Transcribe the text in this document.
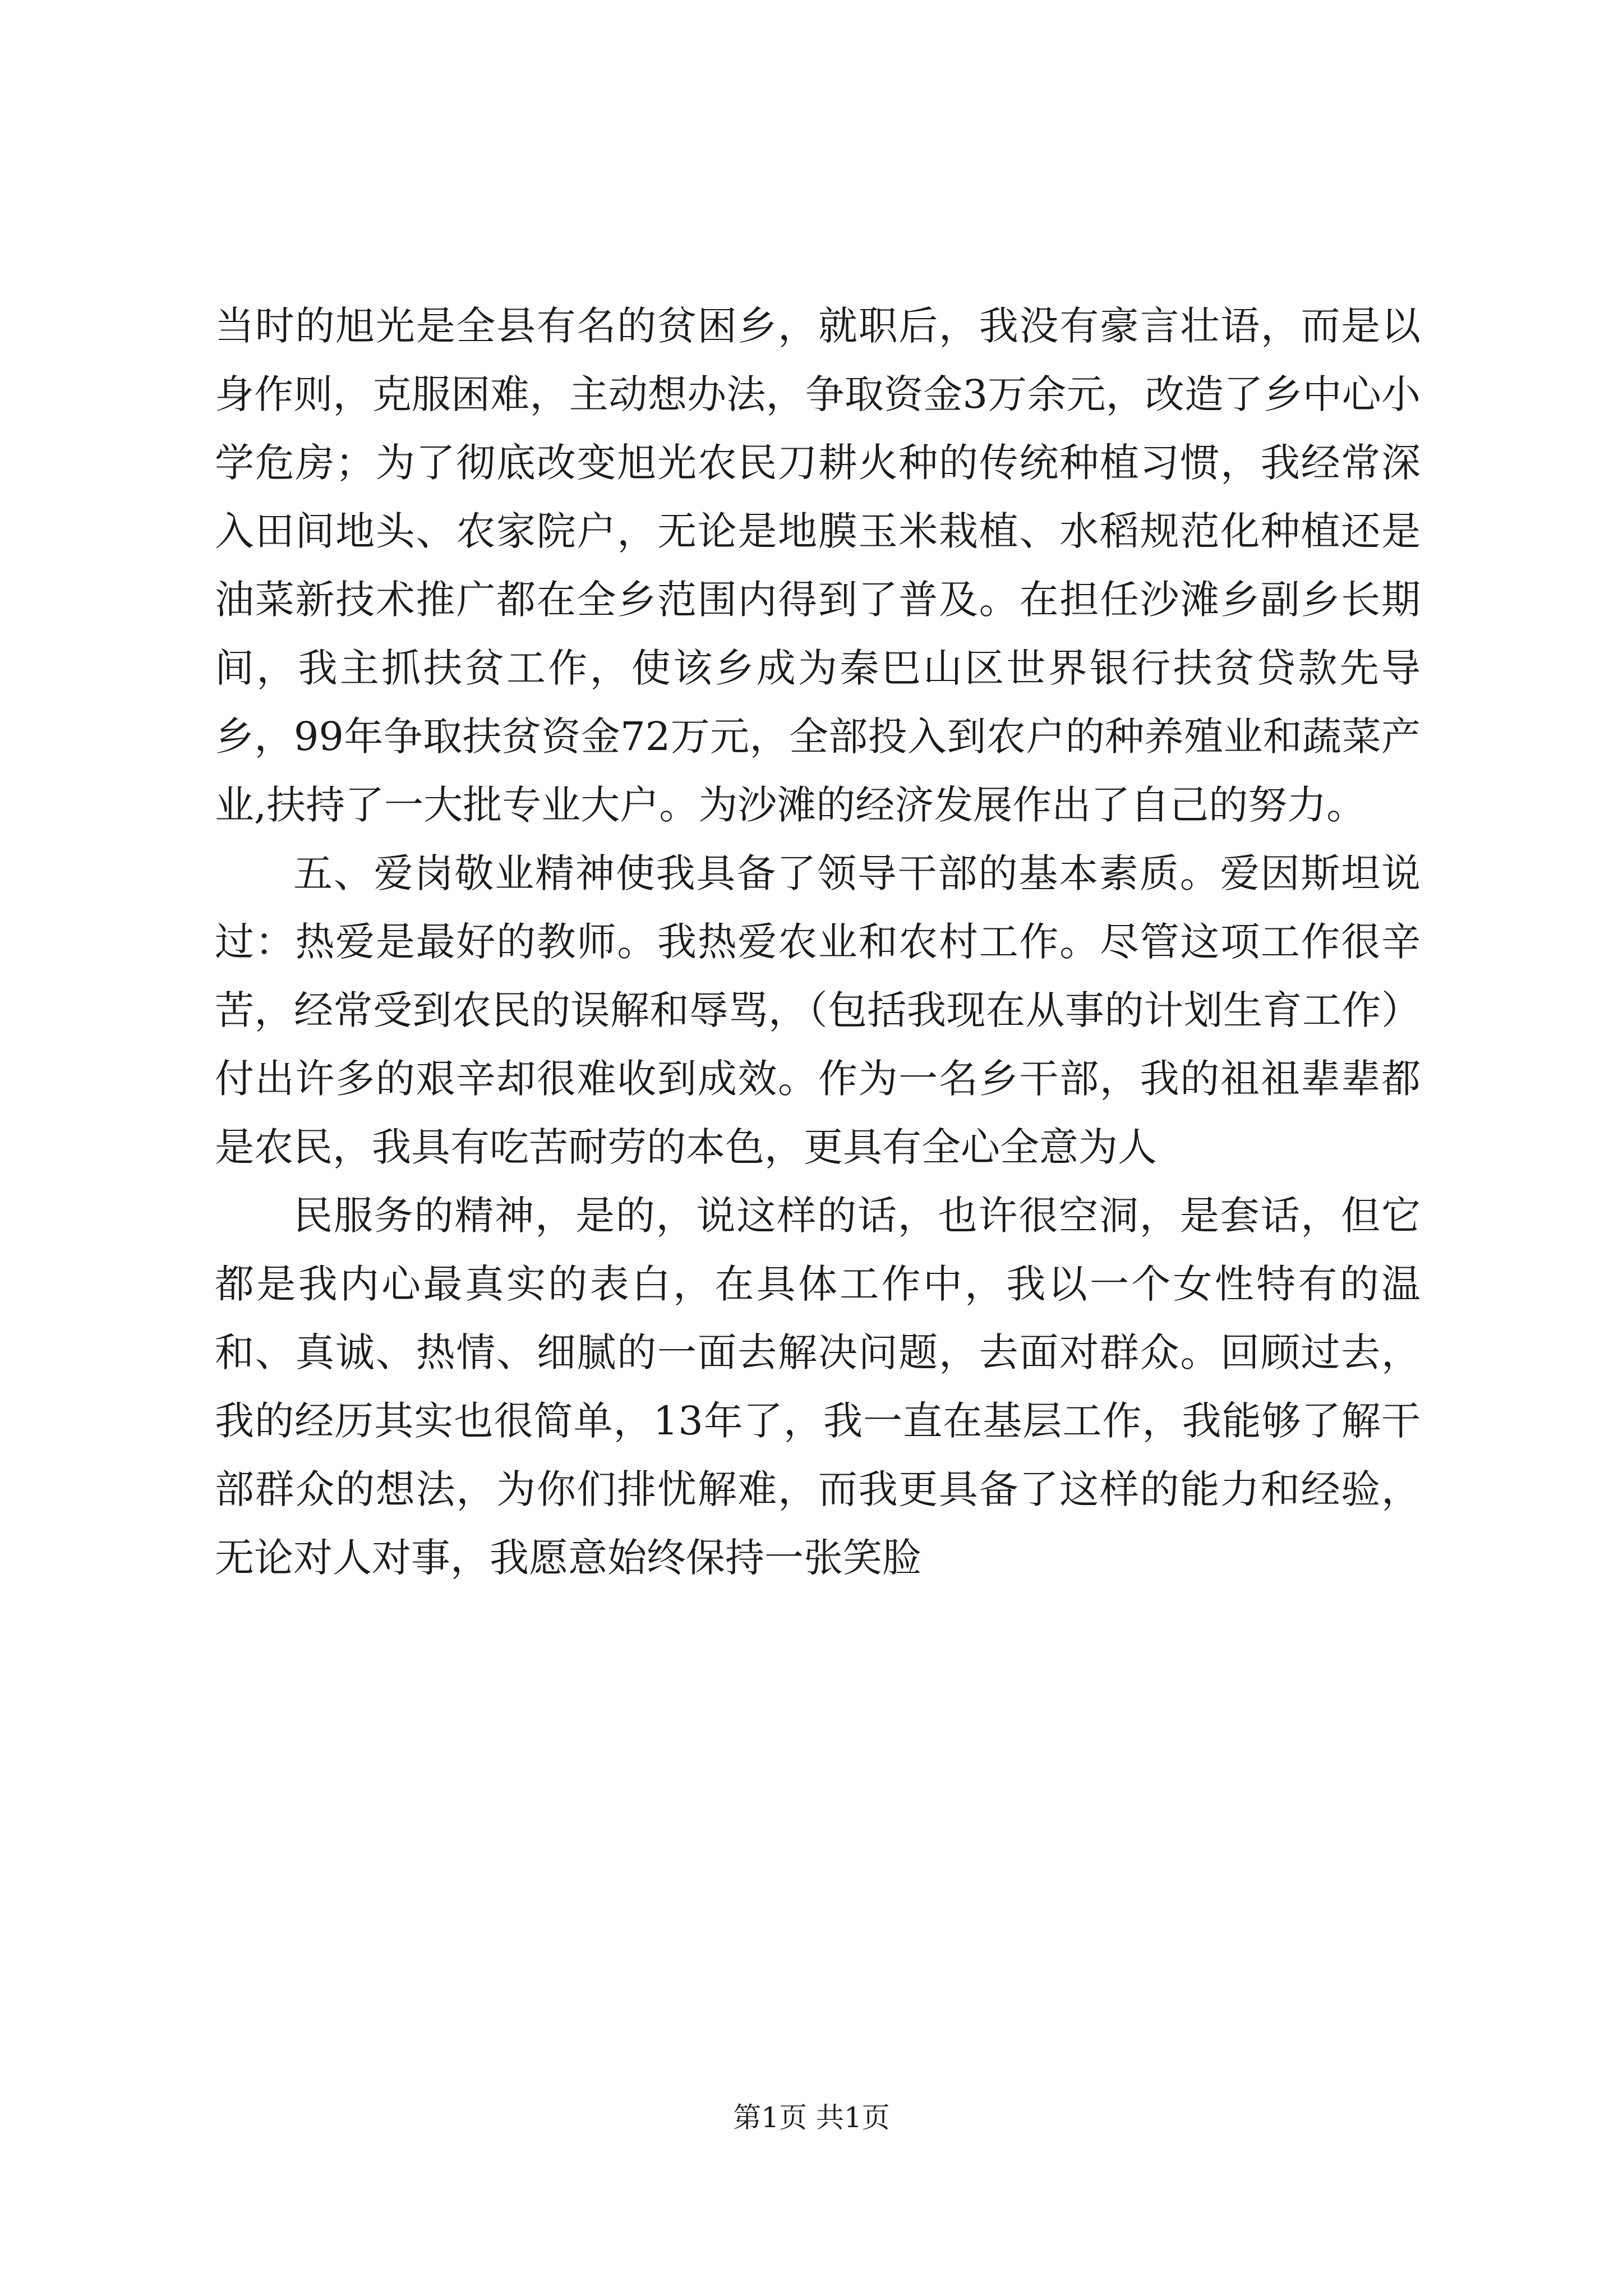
当时的旭光是全县有名的贫困乡，就职后，我没有豪言壮语，而是以身作则，克服困难，主动想办法，争取资金3万余元，改造了乡中心小学危房；为了彻底改变旭光农民刀耕火种的传统种植习惯，我经常深入田间地头、农家院户，无论是地膜玉米栽植、水稻规范化种植还是油菜新技术推广都在全乡范围内得到了普及。在担任沙滩乡副乡长期间，我主抓扶贫工作，使该乡成为秦巴山区世界银行扶贫贷款先导乡，99年争取扶贫资金72万元，全部投入到农户的种养殖业和蔬菜产业,扶持了一大批专业大户。为沙滩的经济发展作出了自己的努力。

五、爱岗敬业精神使我具备了领导干部的基本素质。爱因斯坦说过：热爱是最好的教师。我热爱农业和农村工作。尽管这项工作很辛苦，经常受到农民的误解和辱骂，（包括我现在从事的计划生育工作）付出许多的艰辛却很难收到成效。作为一名乡干部，我的祖祖辈辈都是农民，我具有吃苦耐劳的本色，更具有全心全意为人

民服务的精神，是的，说这样的话，也许很空洞，是套话，但它都是我内心最真实的表白，在具体工作中，我以一个女性特有的温和、真诚、热情、细腻的一面去解决问题，去面对群众。回顾过去，我的经历其实也很简单，13年了，我一直在基层工作，我能够了解干部群众的想法，为你们排忧解难，而我更具备了这样的能力和经验，无论对人对事，我愿意始终保持一张笑脸

第1页 共1页
